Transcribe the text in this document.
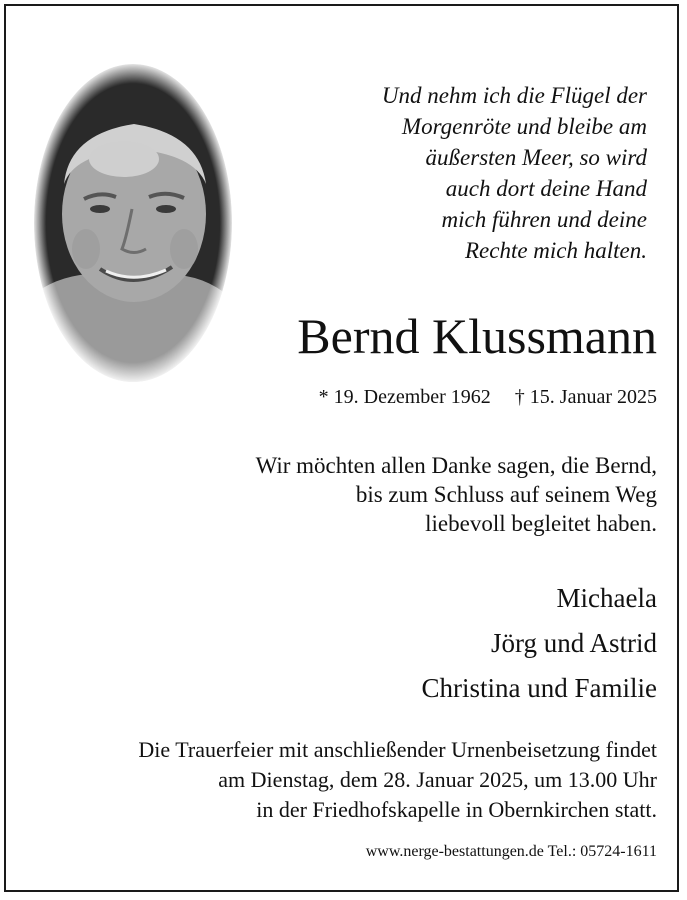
Und nehm ich die Flügel der
Morgenröte und bleibe am
äußersten Meer, so wird
auch dort deine Hand
mich führen und deine
Rechte mich halten.
Bernd Klussmann
* 19. Dezember 1962 † 15. Januar 2025
Wir möchten allen Danke sagen, die Bernd,
bis zum Schluss auf seinem Weg
liebevoll begleitet haben.
Michaela
Jörg und Astrid
Christina und Familie
Die Trauerfeier mit anschließender Urnenbeisetzung findet
am Dienstag, dem 28. Januar 2025, um 13.00 Uhr
in der Friedhofskapelle in Obernkirchen statt.
www.nerge-bestattungen.de Tel.: 05724-1611
